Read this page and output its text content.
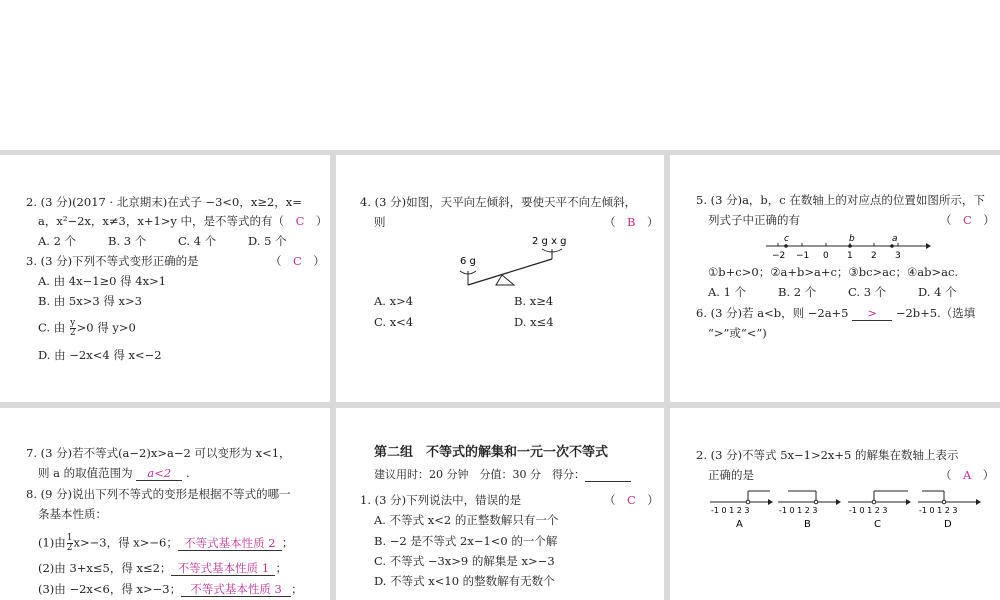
2. (3 分)(2017 · 北京期末)在式子 −3<0，x≥2，x=
a，x²−2x，x≠3，x+1>y 中，是不等式的有（　 C　）
A. 2 个	B. 3 个	C. 4 个	D. 5 个
3. (3 分)下列不等式变形正确的是	（　C　）
A. 由 4x−1≥0 得 4x>1
B. 由 5x>3 得 x>3
C. 由 $\frac{y}{2} >0$ 得 y>0
D. 由 −2x<4 得 x<−2
4. (3 分)如图，天平向左倾斜，要使天平不向左倾斜，
则	（　B　）
6 g
2 g x g
A. x>4	B. x≥4
C. x<4	D. x≤4
5. (3 分)a，b，c 在数轴上的对应点的位置如图所示，下
列式子中正确的有	（　C　）
c	b	a
−2 −1 0 1 2 3
①b+c>0；②a+b>a+c；③bc>ac；④ab>ac.
A. 1 个	B. 2 个	C. 3 个	D. 4 个
6. (3 分)若 a<b，则 −2a+5 > −2b+5.（选填
“>”或“<”)
7. (3 分)若不等式(a−2)x>a−2 可以变形为 x<1，
则 a 的取值范围为 a<2 .
8. (9 分)说出下列不等式的变形是根据不等式的哪一
条基本性质：
(1)由 $\frac{1}{2} x>-3$，得 x>−6； 不等式基本性质 2 ；
(2)由 3+x≤5，得 x≤2； 不等式基本性质 1 ；
(3)由 −2x<6，得 x>−3； 不等式基本性质 3 ；
第二组　不等式的解集和一元一次不等式
建议用时：20 分钟　分值：30 分　得分：
1. (3 分)下列说法中，错误的是	（　C　）
A. 不等式 x<2 的正整数解只有一个
B. −2 是不等式 2x−1<0 的一个解
C. 不等式 −3x>9 的解集是 x>−3
D. 不等式 x<10 的整数解有无数个
2. (3 分)不等式 5x−1>2x+5 的解集在数轴上表示
正确的是	（　A　）
-1 0 1 2 3
A
-1 0 1 2 3
B
-1 0 1 2 3
C
-1 0 1 2 3
D
